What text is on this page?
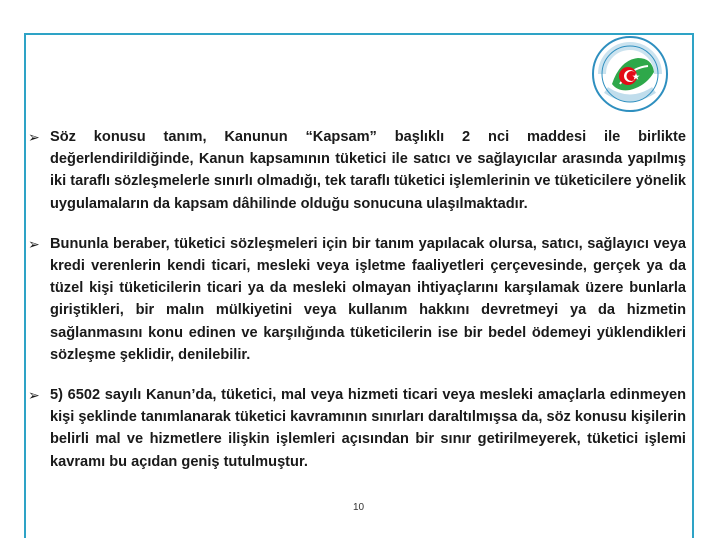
➢ Söz konusu tanım, Kanunun “Kapsam” başlıklı 2 nci maddesi ile birlikte değerlendirildiğinde, Kanun kapsamının tüketici ile satıcı ve sağlayıcılar arasında yapılmış iki taraflı sözleşmelerle sınırlı olmadığı, tek taraflı tüketici işlemlerinin ve tüketicilere yönelik uygulamaların da kapsam dâhilinde olduğu sonucuna ulaşılmaktadır.
➢ Bununla beraber, tüketici sözleşmeleri için bir tanım yapılacak olursa, satıcı, sağlayıcı veya kredi verenlerin kendi ticari, mesleki veya işletme faaliyetleri çerçevesinde, gerçek ya da tüzel kişi tüketicilerin ticari ya da mesleki olmayan ihtiyaçlarını karşılamak üzere bunlarla giriştikleri, bir malın mülkiyetini veya kullanım hakkını devretmeyi ya da hizmetin sağlanmasını konu edinen ve karşılığında tüketicilerin ise bir bedel ödemeyi yüklendikleri sözleşme şeklidir, denilebilir.
➢ 5) 6502 sayılı Kanun’da, tüketici, mal veya hizmeti ticari veya mesleki amaçlarla edinmeyen kişi şeklinde tanımlanarak tüketici kavramının sınırları daraltılmışsa da, söz konusu kişilerin belirli mal ve hizmetlere ilişkin işlemleri açısından bir sınır getirilmeyerek, tüketici işlemi kavramı bu açıdan geniş tutulmuştur.
10
